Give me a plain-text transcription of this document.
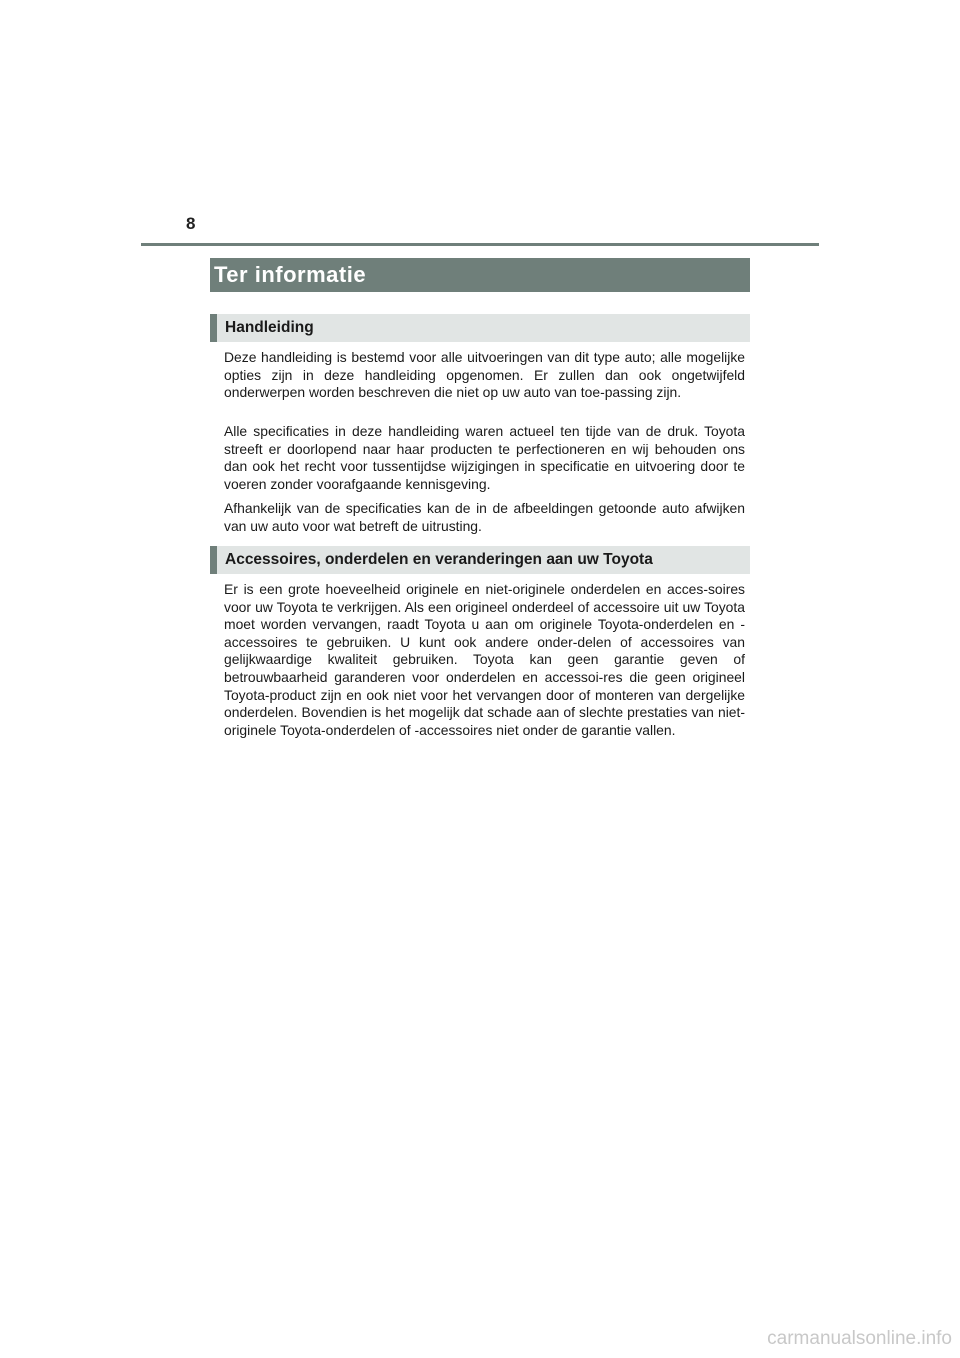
8
Ter informatie
Handleiding

Deze handleiding is bestemd voor alle uitvoeringen van dit type auto; alle mogelijke opties zijn in deze handleiding opgenomen. Er zullen dan ook ongetwijfeld onderwerpen worden beschreven die niet op uw auto van toe-passing zijn.

Alle specificaties in deze handleiding waren actueel ten tijde van de druk. Toyota streeft er doorlopend naar haar producten te perfectioneren en wij behouden ons dan ook het recht voor tussentijdse wijzigingen in specificatie en uitvoering door te voeren zonder voorafgaande kennisgeving.

Afhankelijk van de specificaties kan de in de afbeeldingen getoonde auto afwijken van uw auto voor wat betreft de uitrusting.

Accessoires, onderdelen en veranderingen aan uw Toyota

Er is een grote hoeveelheid originele en niet-originele onderdelen en acces-soires voor uw Toyota te verkrijgen. Als een origineel onderdeel of accessoire uit uw Toyota moet worden vervangen, raadt Toyota u aan om originele Toyota-onderdelen en -accessoires te gebruiken. U kunt ook andere onder-delen of accessoires van gelijkwaardige kwaliteit gebruiken. Toyota kan geen garantie geven of betrouwbaarheid garanderen voor onderdelen en accessoi-res die geen origineel Toyota-product zijn en ook niet voor het vervangen door of monteren van dergelijke onderdelen. Bovendien is het mogelijk dat schade aan of slechte prestaties van niet-originele Toyota-onderdelen of -accessoires niet onder de garantie vallen.

carmanualsonline.info
